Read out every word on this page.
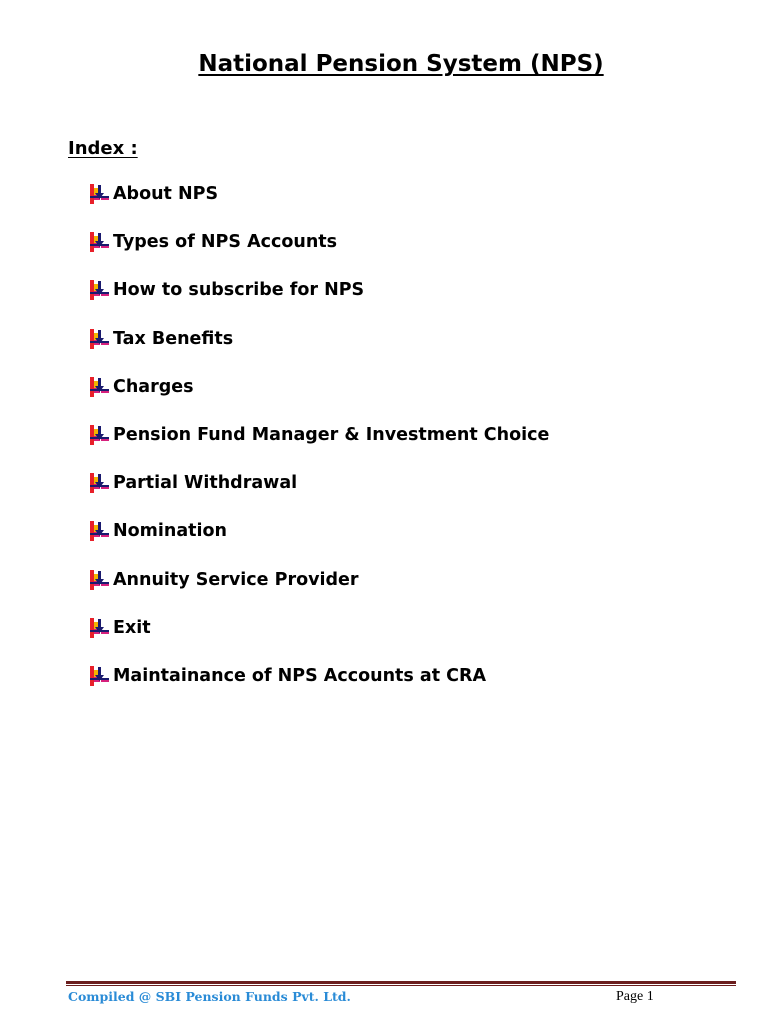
National Pension System (NPS)
Index :
About NPS
Types of NPS Accounts
How to subscribe for NPS
Tax Benefits
Charges
Pension Fund Manager & Investment Choice
Partial Withdrawal
Nomination
Annuity Service Provider
Exit
Maintainance of NPS Accounts at CRA
Compiled @ SBI Pension Funds Pvt. Ltd.	Page 1
